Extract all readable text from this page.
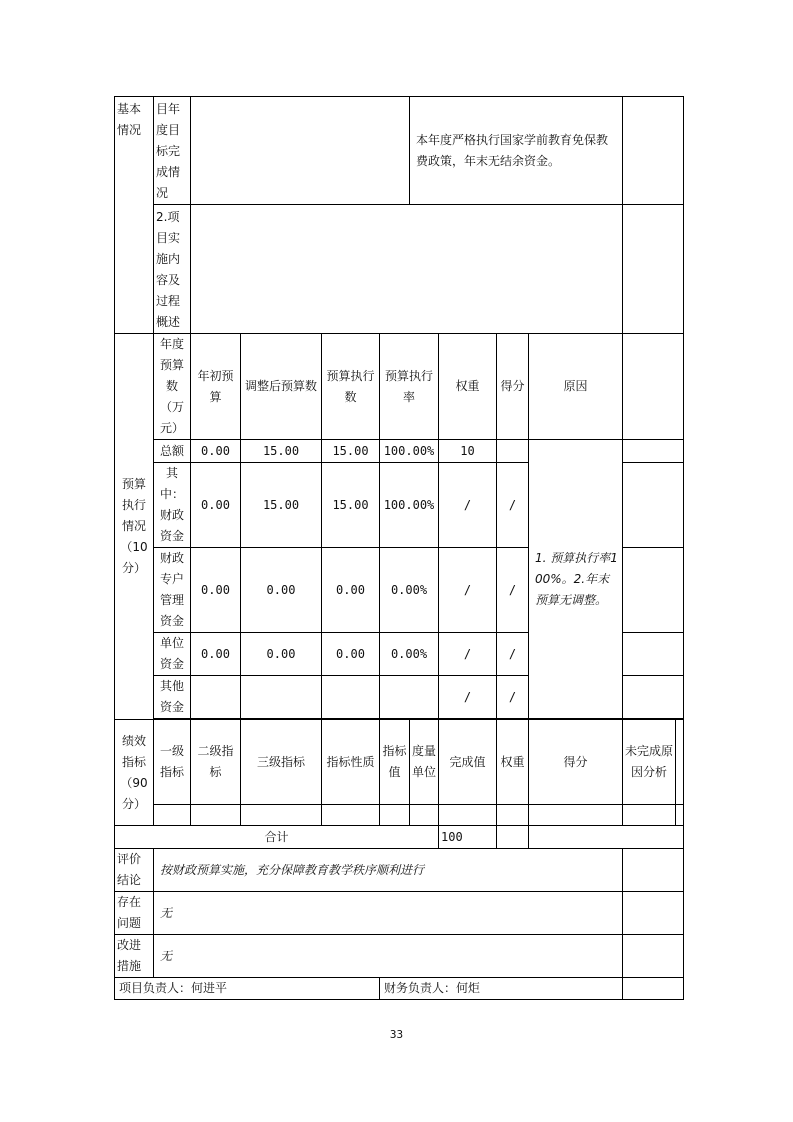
基本情况	目年度目标完成情况					本年度严格执行国家学前教育免保教费政策，年末无结余资金。						
	2.项目实施内容及过程概述											
预算执行情况（10分）	年度预算数（万元）	年初预算	调整后预算数	预算执行数	预算执行率		权重	得分	原因			
	总额	0.00	15.00	15.00	100.00%		10		1. 预算执行率100%。2.年末预算无调整。			
	其中：财政资金	0.00	15.00	15.00	100.00%		/	/				
	财政专户管理资金	0.00	0.00	0.00	0.00%		/	/				
	单位资金	0.00	0.00	0.00	0.00%		/	/				
	其他资金						/	/				

绩效指标（90分）	一级指标	二级指标	三级指标	指标性质	指标值	度量单位	完成值	权重	得分		未完成原因分析	

合计							100					
评价结论	按财政预算实施，充分保障教育教学秩序顺利进行											
存在问题	无											
改进措施	无											
项目负责人：何进平					财务负责人：何炬							
33
